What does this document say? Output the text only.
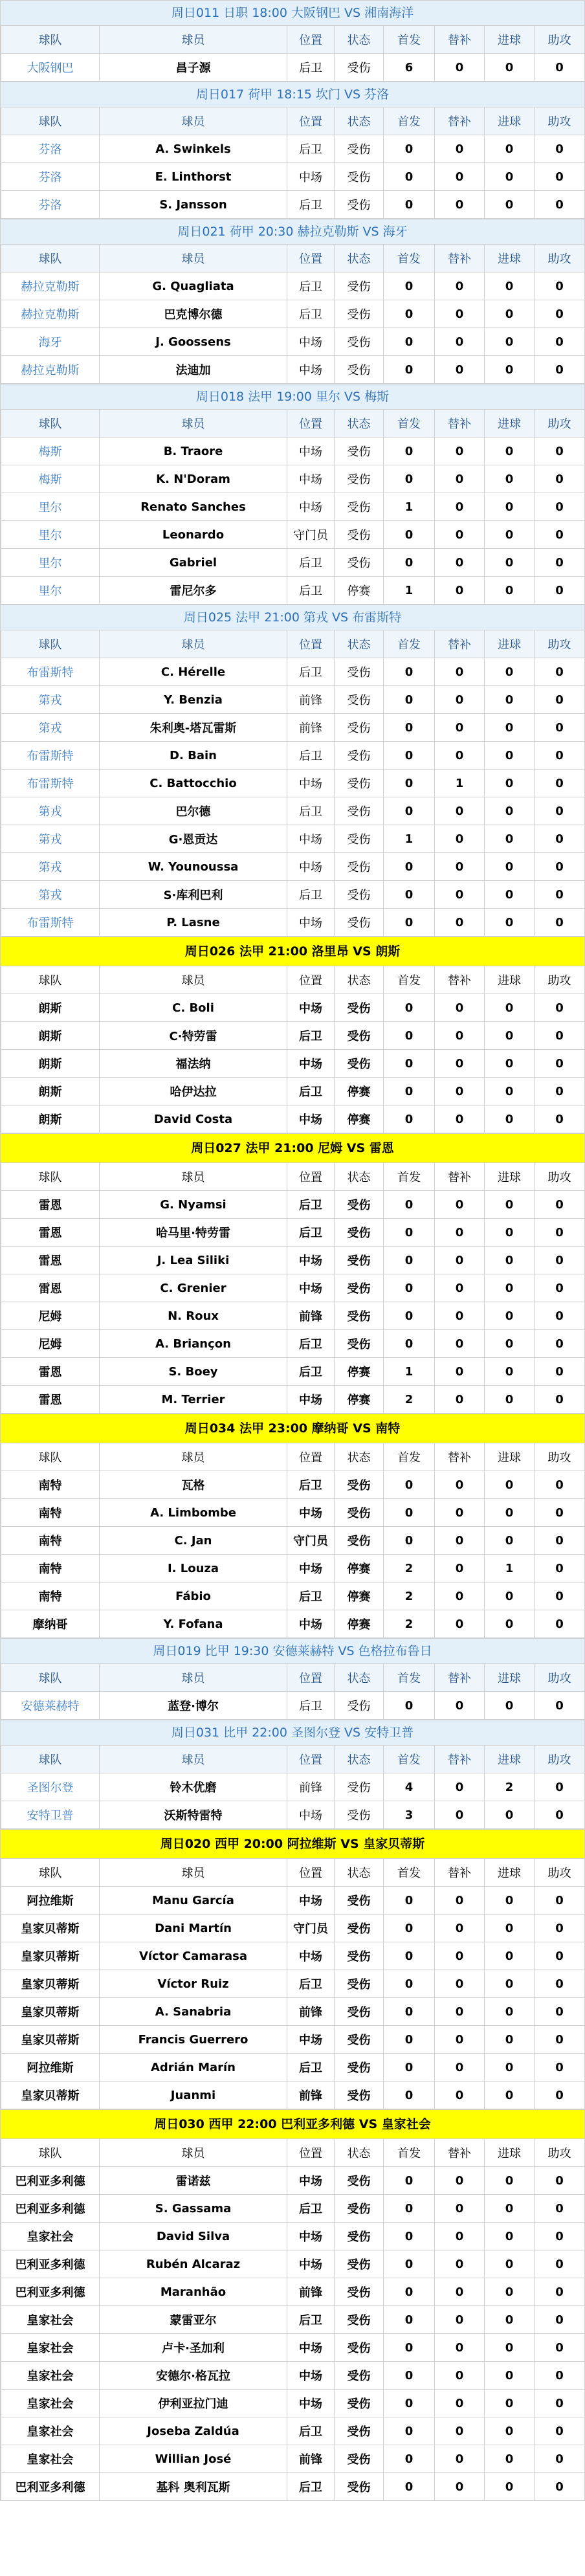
周日011 日职 18:00 大阪钢巴 VS 湘南海洋
球队	球员	位置	状态	首发	替补	进球	助攻
大阪钢巴	昌子源	后卫	受伤	6	0	0	0
周日017 荷甲 18:15 坎门 VS 芬洛
球队	球员	位置	状态	首发	替补	进球	助攻
芬洛	A. Swinkels	后卫	受伤	0	0	0	0
芬洛	E. Linthorst	中场	受伤	0	0	0	0
芬洛	S. Jansson	后卫	受伤	0	0	0	0
周日021 荷甲 20:30 赫拉克勒斯 VS 海牙
球队	球员	位置	状态	首发	替补	进球	助攻
赫拉克勒斯	G. Quagliata	后卫	受伤	0	0	0	0
赫拉克勒斯	巴克博尔德	后卫	受伤	0	0	0	0
海牙	J. Goossens	中场	受伤	0	0	0	0
赫拉克勒斯	法迪加	中场	受伤	0	0	0	0
周日018 法甲 19:00 里尔 VS 梅斯
球队	球员	位置	状态	首发	替补	进球	助攻
梅斯	B. Traore	中场	受伤	0	0	0	0
梅斯	K. N'Doram	中场	受伤	0	0	0	0
里尔	Renato Sanches	中场	受伤	1	0	0	0
里尔	Leonardo	守门员	受伤	0	0	0	0
里尔	Gabriel	后卫	受伤	0	0	0	0
里尔	雷尼尔多	后卫	停赛	1	0	0	0
周日025 法甲 21:00 第戎 VS 布雷斯特
球队	球员	位置	状态	首发	替补	进球	助攻
布雷斯特	C. Hérelle	后卫	受伤	0	0	0	0
第戎	Y. Benzia	前锋	受伤	0	0	0	0
第戎	朱利奥-塔瓦雷斯	前锋	受伤	0	0	0	0
布雷斯特	D. Bain	后卫	受伤	0	0	0	0
布雷斯特	C. Battocchio	中场	受伤	0	1	0	0
第戎	巴尔德	后卫	受伤	0	0	0	0
第戎	G·恩贡达	中场	受伤	1	0	0	0
第戎	W. Younoussa	中场	受伤	0	0	0	0
第戎	S·库利巴利	后卫	受伤	0	0	0	0
布雷斯特	P. Lasne	中场	受伤	0	0	0	0
周日026 法甲 21:00 洛里昂 VS 朗斯
球队	球员	位置	状态	首发	替补	进球	助攻
朗斯	C. Boli	中场	受伤	0	0	0	0
朗斯	C·特劳雷	后卫	受伤	0	0	0	0
朗斯	福法纳	中场	受伤	0	0	0	0
朗斯	哈伊达拉	后卫	停赛	0	0	0	0
朗斯	David Costa	中场	停赛	0	0	0	0
周日027 法甲 21:00 尼姆 VS 雷恩
球队	球员	位置	状态	首发	替补	进球	助攻
雷恩	G. Nyamsi	后卫	受伤	0	0	0	0
雷恩	哈马里·特劳雷	后卫	受伤	0	0	0	0
雷恩	J. Lea Siliki	中场	受伤	0	0	0	0
雷恩	C. Grenier	中场	受伤	0	0	0	0
尼姆	N. Roux	前锋	受伤	0	0	0	0
尼姆	A. Briançon	后卫	受伤	0	0	0	0
雷恩	S. Boey	后卫	停赛	1	0	0	0
雷恩	M. Terrier	中场	停赛	2	0	0	0
周日034 法甲 23:00 摩纳哥 VS 南特
球队	球员	位置	状态	首发	替补	进球	助攻
南特	瓦格	后卫	受伤	0	0	0	0
南特	A. Limbombe	中场	受伤	0	0	0	0
南特	C. Jan	守门员	受伤	0	0	0	0
南特	I. Louza	中场	停赛	2	0	1	0
南特	Fábio	后卫	停赛	2	0	0	0
摩纳哥	Y. Fofana	中场	停赛	2	0	0	0
周日019 比甲 19:30 安德莱赫特 VS 色格拉布鲁日
球队	球员	位置	状态	首发	替补	进球	助攻
安德莱赫特	蓝登·博尔	后卫	受伤	0	0	0	0
周日031 比甲 22:00 圣图尔登 VS 安特卫普
球队	球员	位置	状态	首发	替补	进球	助攻
圣图尔登	铃木优磨	前锋	受伤	4	0	2	0
安特卫普	沃斯特雷特	中场	受伤	3	0	0	0
周日020 西甲 20:00 阿拉维斯 VS 皇家贝蒂斯
球队	球员	位置	状态	首发	替补	进球	助攻
阿拉维斯	Manu García	中场	受伤	0	0	0	0
皇家贝蒂斯	Dani Martín	守门员	受伤	0	0	0	0
皇家贝蒂斯	Víctor Camarasa	中场	受伤	0	0	0	0
皇家贝蒂斯	Víctor Ruiz	后卫	受伤	0	0	0	0
皇家贝蒂斯	A. Sanabria	前锋	受伤	0	0	0	0
皇家贝蒂斯	Francis Guerrero	中场	受伤	0	0	0	0
阿拉维斯	Adrián Marín	后卫	受伤	0	0	0	0
皇家贝蒂斯	Juanmi	前锋	受伤	0	0	0	0
周日030 西甲 22:00 巴利亚多利德 VS 皇家社会
球队	球员	位置	状态	首发	替补	进球	助攻
巴利亚多利德	雷诺兹	中场	受伤	0	0	0	0
巴利亚多利德	S. Gassama	后卫	受伤	0	0	0	0
皇家社会	David Silva	中场	受伤	0	0	0	0
巴利亚多利德	Rubén Alcaraz	中场	受伤	0	0	0	0
巴利亚多利德	Maranhão	前锋	受伤	0	0	0	0
皇家社会	蒙雷亚尔	后卫	受伤	0	0	0	0
皇家社会	卢卡·圣加利	中场	受伤	0	0	0	0
皇家社会	安德尔·格瓦拉	中场	受伤	0	0	0	0
皇家社会	伊利亚拉门迪	中场	受伤	0	0	0	0
皇家社会	Joseba Zaldúa	后卫	受伤	0	0	0	0
皇家社会	Willian José	前锋	受伤	0	0	0	0
巴利亚多利德	基科 奥利瓦斯	后卫	受伤	0	0	0	0
